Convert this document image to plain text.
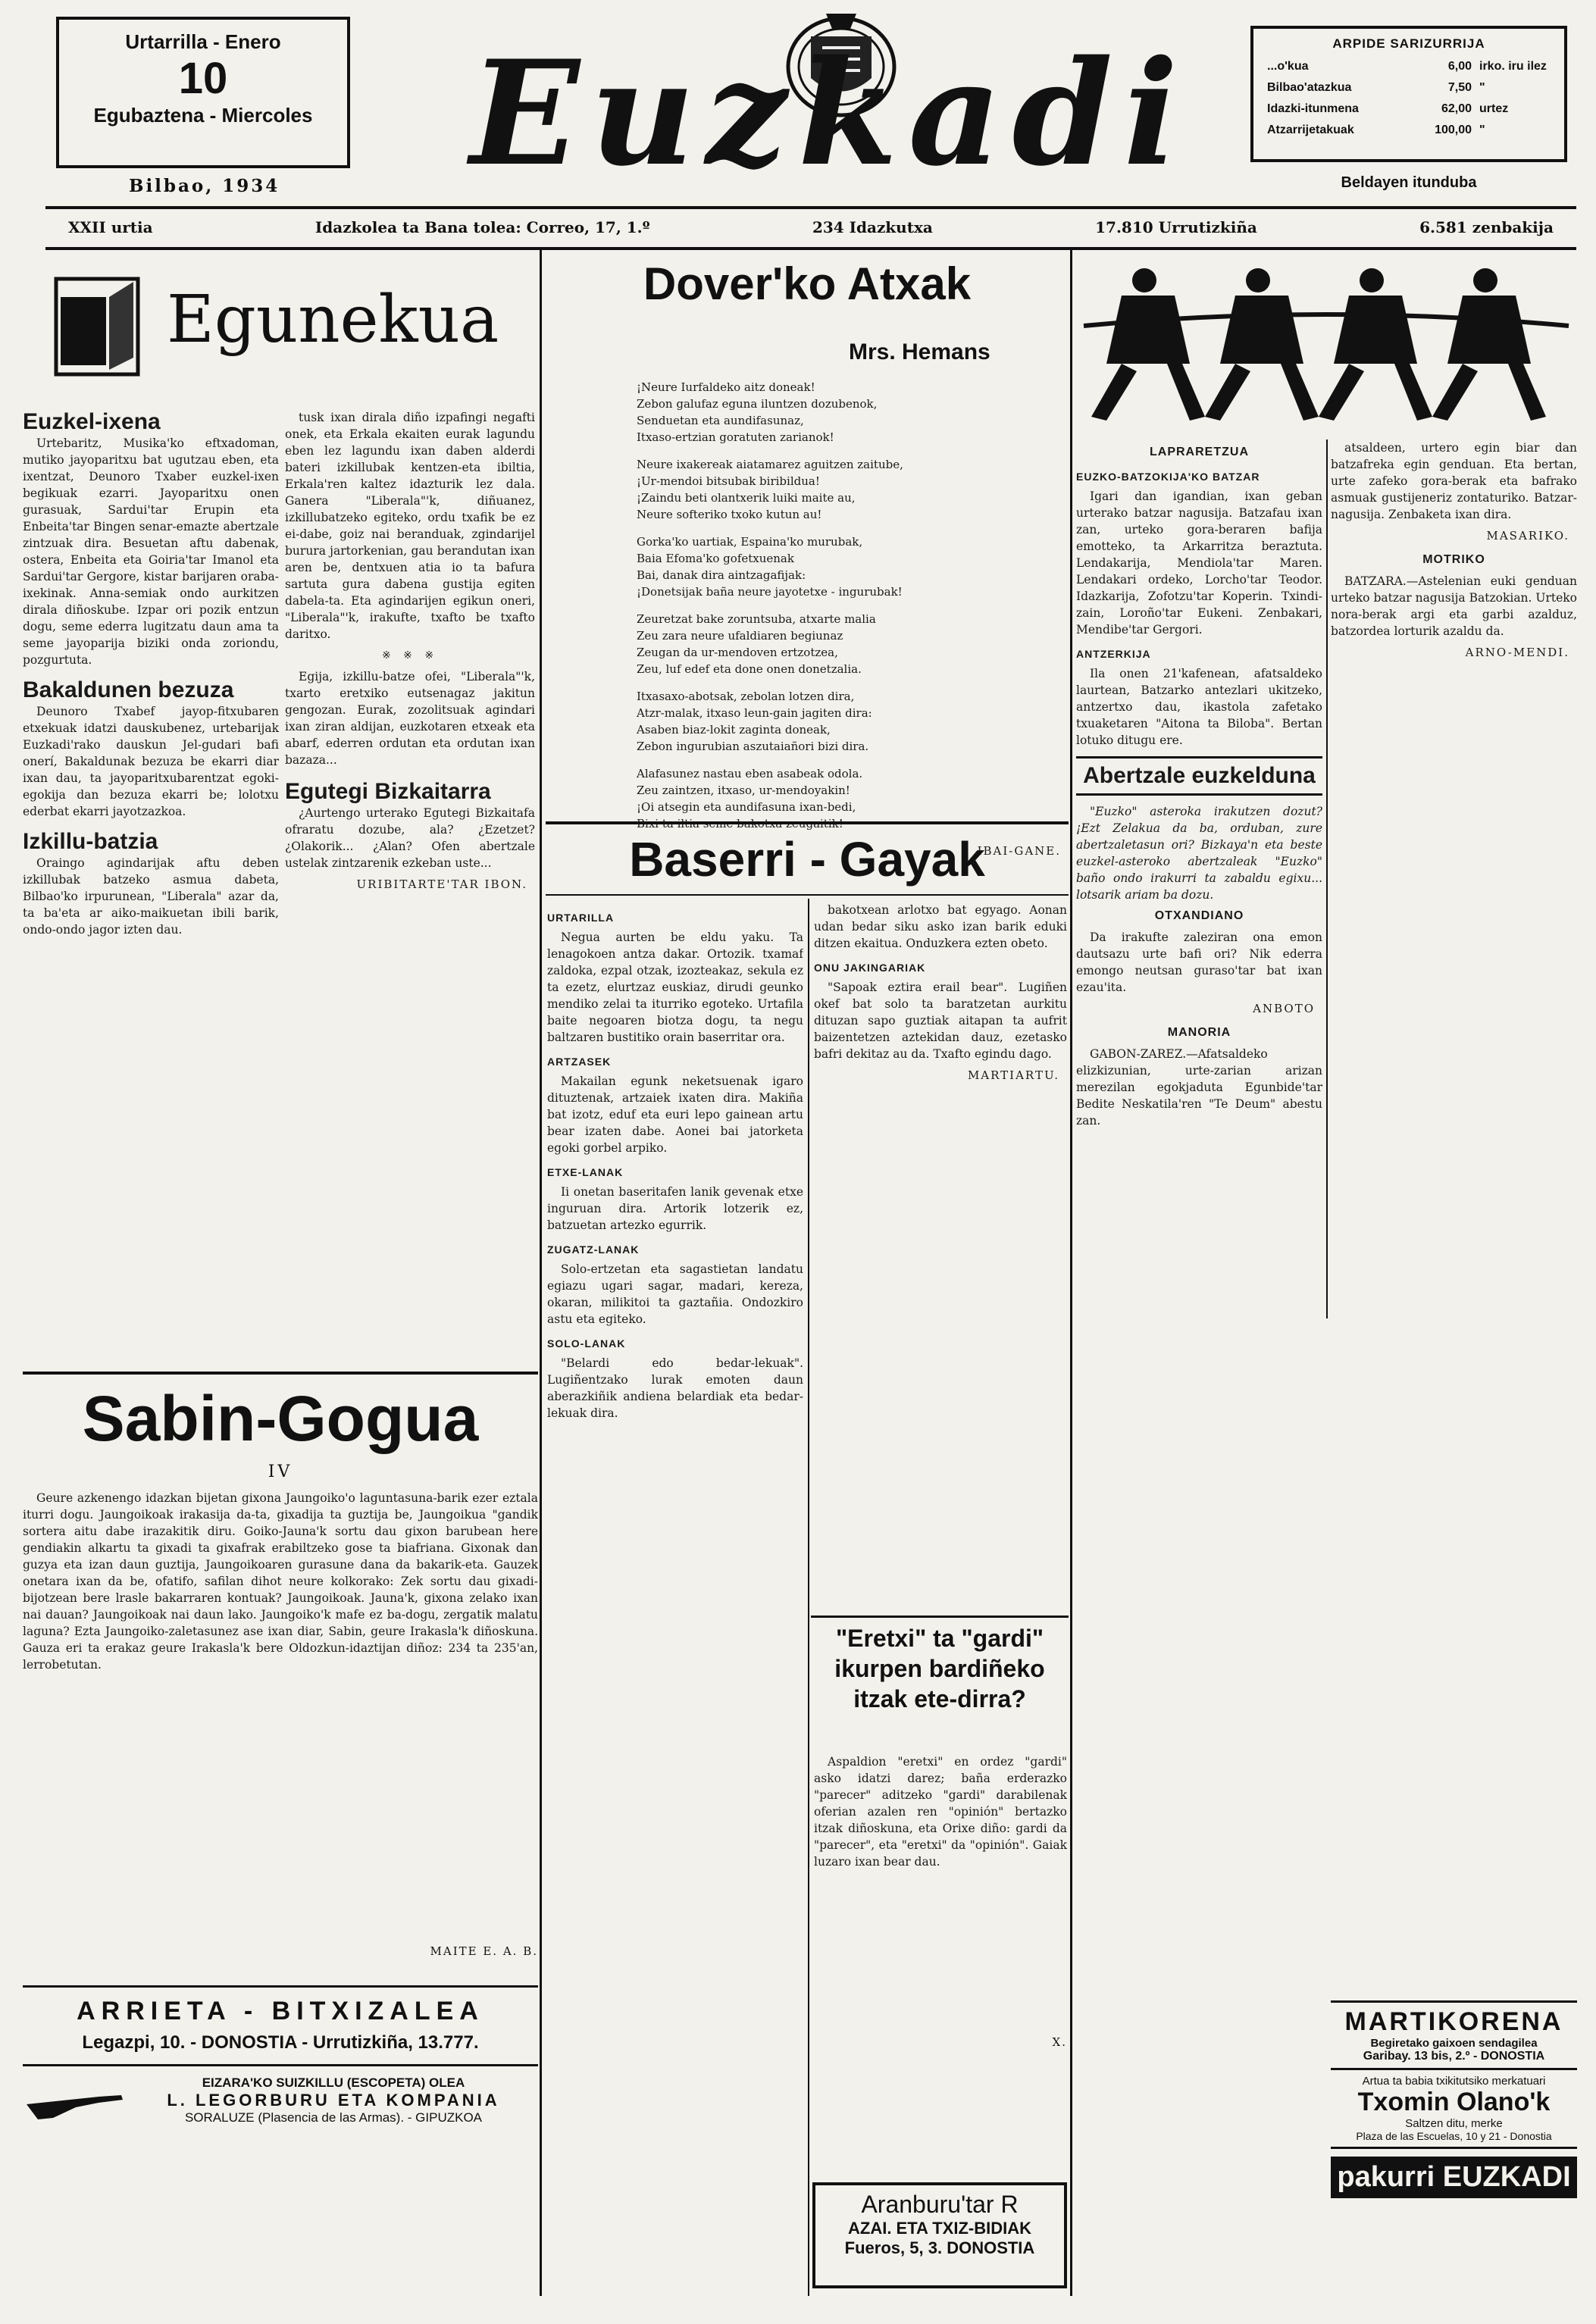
Urtarrilla - Enero
10
Egubaztena - Miercoles
Bilbao, 1934 Euzkadi	ARPIDE SARIZURRIJA
...o'kua	6,00 irko. iru ilez
Bilbao'atazkua	7,50 "
Idazki-itunmena	62,00 urtez
Atzarrijetakuak	100,00 "
Beldayen itunduba
XXII urtia	Idazkolea ta Bana tolea: Correo, 17, 1.º	234 Idazkutxa	17.810 Urrutizkiña	6.581 zenbakija
Egunekua
Euzkel-ixena

Urtebaritz, Musika'ko eftxadoman, mutiko jayoparitxu bat ugutzau eben, eta ixentzat, Deunoro Txaber euzkel-ixen begikuak ezarri. Jayoparitxu onen gurasuak, Sardui'tar Erupin eta Enbeita'tar Bingen senar-emazte abertzale zintzuak dira. Besuetan aftu dabenak, ostera, Enbeita eta Goiria'tar Imanol eta Sardui'tar Gergore, kistar barijaren oraba-ixekinak. Anna-semiak ondo aurkitzen dirala diñoskube. Izpar ori pozik entzun dogu, seme ederra lugitzatu daun ama ta seme jayoparija biziki onda zoriondu, pozgurtuta.

Bakaldunen bezuza

Deunoro Txabef jayop-fitxubaren etxekuak idatzi dauskubenez, urtebarijak Euzkadi'rako dauskun Jel-gudari bafi onerí, Bakaldunak bezuza be ekarri diar ixan dau, ta jayoparitxubarentzat egoki-egokija dan bezuza ekarri be; lolotxu ederbat ekarri jayotzazkoa.

Izkillu-batzia

Oraingo agindarijak aftu deben izkillubak batzeko asmua dabeta, Bilbao'ko irpurunean, "Liberala" azar da, ta ba'eta ar aiko-maikuetan ibili barik, ondo-ondo jagor izten dau.

tusk ixan dirala diño izpafingi negafti onek, eta Erkala ekaiten eurak lagundu eben lez lagundu ixan daben alderdi bateri izkillubak kentzen-eta ibiltia, Erkala'ren kaltez idazturik lez dala. Ganera "Liberala"'k, diñuanez, izkillubatzeko egiteko, ordu txafik be ez ei-dabe, goiz nai beranduak, zgindarijel burura jartorkenian, gau berandutan ixan aren be, dentxuen atia io ta bafura sartuta gura dabena gustija egiten dabela-ta. Eta agindarijen egikun oneri, "Liberala"'k, irakufte, txafto be txafto daritxo.

※ ※ ※

Egija, izkillu-batze ofei, "Liberala"'k, txarto eretxiko eutsenagaz jakitun gengozan. Eurak, zozolitsuak agindari ixan ziran aldijan, euzkotaren etxeak eta abarf, ederren ordutan eta ordutan ixan bazaza...

Egutegi Bizkaitarra

¿Aurtengo urterako Egutegi Bizkaitafa ofraratu dozube, ala? ¿Ezetzet? ¿Olakorik... ¿Alan? Ofen abertzale ustelak zintzarenik ezkeban uste...

URIBITARTE'TAR IBON.
Sabin-Gogua
IV

Geure azkenengo idazkan bijetan gixona Jaungoiko'o laguntasuna-barik ezer eztala iturri dogu. Jaungoikoak irakasija da-ta, gixadija ta guztija be, Jaungoikua "gandik sortera aitu dabe irazakitik diru. Goiko-Jauna'k sortu dau gixon barubean here gendiakin alkartu ta gixadi ta gixafrak erabiltzeko gose ta biafriana. Gixonak dan guzya eta izan daun guztija, Jaungoikoaren gurasune dana da bakarik-eta. Gauzek onetara ixan da be, ofatifo, safilan dihot neure kolkorako: Zek sortu dau gixadi-bijotzean bere lrasle bakarraren kontuak? Jaungoikoak. Jauna'k, gixona zelako ixan nai dauan? Jaungoikoak nai daun lako. Jaungoiko'k mafe ez ba-dogu, zergatik malatu laguna? Ezta Jaungoiko-zaletasunez ase ixan diar, Sabin, geure Irakasla'k diñoskuna. Gauza eri ta erakaz geure Irakasla'k bere Oldozkun-idaztijan diñoz: 234 ta 235'an, lerrobetutan.

MAITE E. A. B.
ARRIETA - BITXIZALEA
Legazpi, 10. - DONOSTIA - Urrutizkiña, 13.777.
EIZARA'KO SUIZKILLU (ESCOPETA) OLEA
L. LEGORBURU ETA KOMPANIA
SORALUZE (Plasencia de las Armas). - GIPUZKOA
Dover'ko Atxak
Mrs. Hemans

¡Neure Iurfaldeko aitz doneak!

Zebon galufaz eguna iluntzen dozubenok,

Senduetan eta aundifasunaz,

Itxaso-ertzian goratuten zarianok!

Neure ixakereak aiatamarez aguitzen zaitube,

¡Ur-mendoi bitsubak biribildua!

¡Zaindu beti olantxerik luiki maite au,

Neure softeriko txoko kutun au!

Gorka'ko uartiak, Espaina'ko murubak,

Baia Efoma'ko gofetxuenak

Bai, danak dira aintzagafijak:

¡Donetsijak baña neure jayotetxe - ingurubak!

Zeuretzat bake zoruntsuba, atxarte malia

Zeu zara neure ufaldiaren begiunaz

Zeugan da ur-mendoven ertzotzea,

Zeu, luf edef eta done onen donetzalia.

Itxasaxo-abotsak, zebolan lotzen dira,

Atzr-malak, itxaso leun-gain jagiten dira:

Asaben biaz-lokit zaginta doneak,

Zebon ingurubian aszutaiañori bizi dira.

Alafasunez nastau eben asabeak odola.

Zeu zaintzen, itxaso, ur-mendoyakin!

¡Oi atsegin eta aundifasuna ixan-bedi,

IBAI-GANE.
Baserri - Gayak
URTARILLA

Negua aurten be eldu yaku. Ta lenagokoen antza dakar. Ortozik. txamaf zaldoka, ezpal otzak, izozteakaz, sekula ez ta ezetz, elurtzaz euskiaz, dirudi geunko mendiko zelai ta iturriko egoteko. Urtafila baite negoaren biotza dogu, ta negu baltzaren bustitiko orain baserritar ora.

ARTZASEK

Makailan egunk neketsuenak igaro dituztenak, artzaiek ixaten dira. Makiña bat izotz, eduf eta euri lepo gainean artu bear izaten dabe. Aonei bai jatorketa egoki gorbel arpiko.

ETXE-LANAK

Ii onetan baseritafen lanik gevenak etxe inguruan dira. Artorik lotzerik ez, batzuetan artezko egurrik.

ZUGATZ-LANAK

Solo-ertzetan eta sagastietan landatu egiazu ugari sagar, madari, kereza, okaran, milikitoi ta gaztañia. Ondozkiro astu eta egiteko.

SOLO-LANAK

"Belardi edo bedar-lekuak". Lugiñentzako lurak emoten daun aberazkiñik andiena belardiak eta bedar-lekuak dira.

bakotxean arlotxo bat egyago. Aonan udan bedar siku asko izan barik eduki ditzen ekaitua. Onduzkera ezten obeto.

ONU JAKINGARIAK

"Sapoak eztira erail bear". Lugiñen okef bat solo ta baratzetan aurkitu dituzan sapo guztiak aitapan ta aufrit baizentetzen aztekidan dauz, ezetasko bafri dekitaz au da. Txafto egindu dago.

MARTIARTU.
"Eretxi" ta "gardi" ikurpen bardiñeko itzak ete-dirra?

Aspaldion "eretxi" en ordez "gardi" asko idatzi darez; baña erderazko "parecer" aditzeko "gardi" darabilenak oferian azalen ren "opinión" bertazko itzak diñoskuna, eta Orixe diño: gardi da "parecer", eta "eretxi" da "opinión". Gaiak luzaro ixan bear dau.

X.
Aranburu'tar R
AZAI. ETA TXIZ-BIDIAK
Fueros, 5, 3. DONOSTIA
LAPRARETZUA
EUZKO-BATZOKIJA'KO BATZAR

Igari dan igandian, ixan geban urterako batzar nagusija. Batzafau ixan zan, urteko gora-beraren bafija emotteko, ta Arkarritza beraztuta. Lendakarija, Mendiola'tar Maren. Lendakari ordeko, Lorcho'tar Teodor. Idazkarija, Zofotzu'tar Koperin. Txindi-zain, Loroño'tar Eukeni. Zenbakari, Mendibe'tar Gergori.

ANTZERKIJA

Ila onen 21'kafenean, afatsaldeko laurtean, Batzarko antezlari ukitzeko, antzertxo dau, ikastola zafetako txuaketaren "Aitona ta Biloba". Bertan lotuko ditugu ere.

Abertzale euzkelduna

"Euzko" asteroka irakutzen dozut? ¡Ezt Zelakua da ba, orduban, zure abertzaletasun ori? Bizkaya'n eta beste euzkel-asteroko abertzaleak "Euzko" baño ondo irakurri ta zabaldu egixu... lotsarik ariam ba dozu.

OTXANDIANO

Da irakufte zaleziran ona emon dautsazu urte bafi ori? Nik ederra emongo neutsan guraso'tar bat ixan ezau'ita.

ANBOTO
MANORIA

GABON-ZAREZ.—Afatsaldeko elizkizunian, urte-zarian arizan merezilan egokjaduta Egunbide'tar Bedite Neskatila'ren "Te Deum" abestu zan.

atsaldeen, urtero egin biar dan batzafreka egin genduan. Eta bertan, urte zafeko gora-berak eta bafrako asmuak gustijeneriz zontaturiko. Batzar-nagusija. Zenbaketa ixan dira.

MASARIKO.
MOTRIKO

BATZARA.—Astelenian euki genduan urteko batzar nagusija Batzokian. Urteko nora-berak argi eta garbi azalduz, batzordea lorturik azaldu da.

ARNO-MENDI.
MARTIKORENA
Begiretako gaixoen sendagilea
Garibay. 13 bis, 2.º - DONOSTIA
Artua ta babia txikitutsiko merkatuari
Txomin Olano'k
Saltzen ditu, merke
Plaza de las Escuelas, 10 y 21 - Donostia
pakurri EUZKADI
